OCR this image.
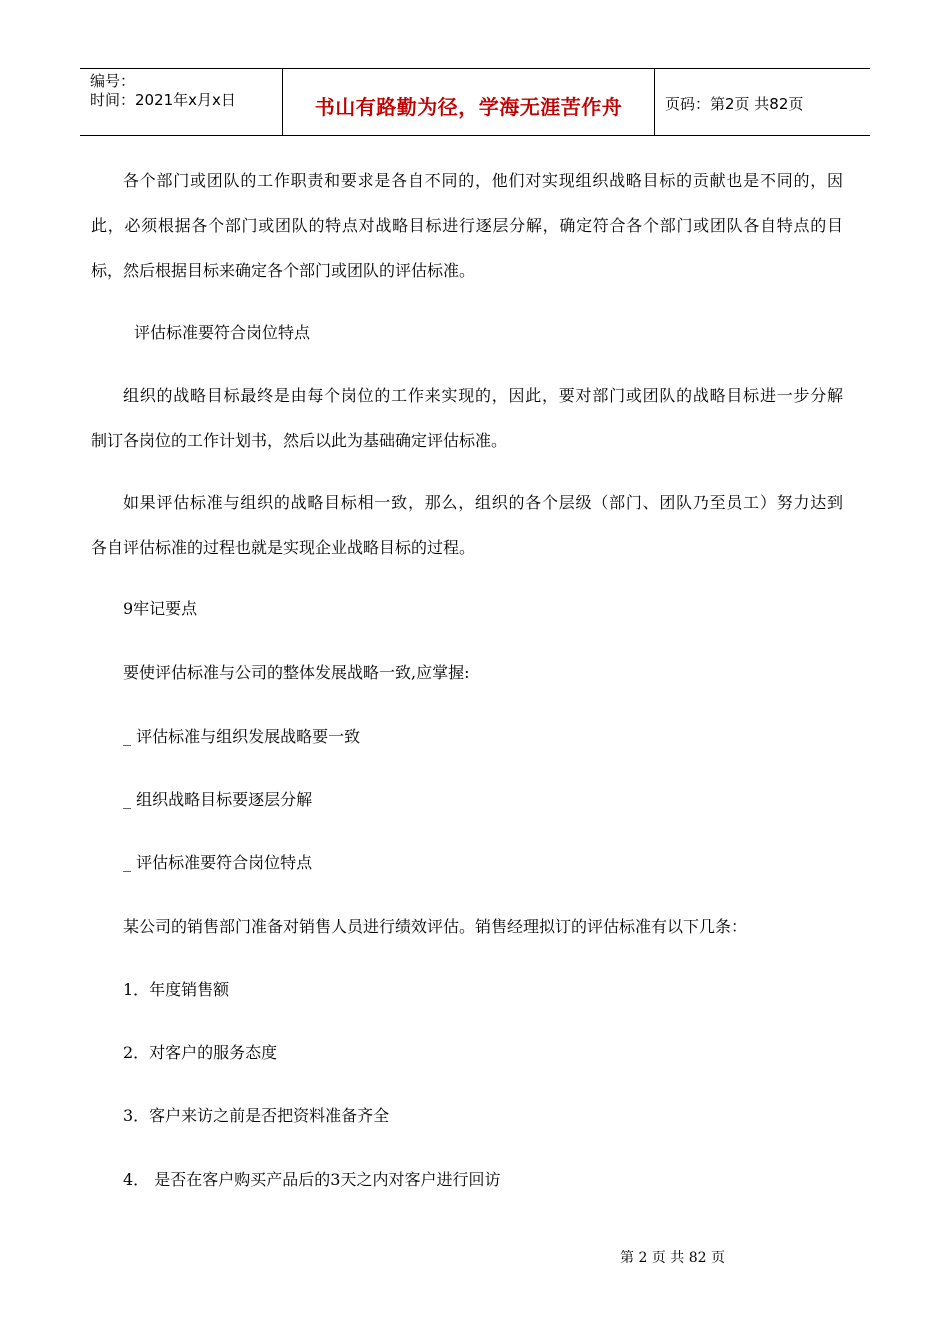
编号：
时间：2021年x月x日	书山有路勤为径，学海无涯苦作舟	页码：第2页 共82页
各个部门或团队的工作职责和要求是各自不同的，他们对实现组织战略目标的贡献也是不同的，因
此，必须根据各个部门或团队的特点对战略目标进行逐层分解，确定符合各个部门或团队各自特点的目
标，然后根据目标来确定各个部门或团队的评估标准。
评估标准要符合岗位特点
组织的战略目标最终是由每个岗位的工作来实现的，因此，要对部门或团队的战略目标进一步分解
制订各岗位的工作计划书，然后以此为基础确定评估标准。
如果评估标准与组织的战略目标相一致，那么，组织的各个层级（部门、团队乃至员工）努力达到
各自评估标准的过程也就是实现企业战略目标的过程。
9牢记要点
要使评估标准与公司的整体发展战略一致,应掌握:
_ 评估标准与组织发展战略要一致
_ 组织战略目标要逐层分解
_ 评估标准要符合岗位特点
某公司的销售部门准备对销售人员进行绩效评估。销售经理拟订的评估标准有以下几条：
1．年度销售额
2．对客户的服务态度
3．客户来访之前是否把资料准备齐全
4． 是否在客户购买产品后的3天之内对客户进行回访
第 2 页 共 82 页
